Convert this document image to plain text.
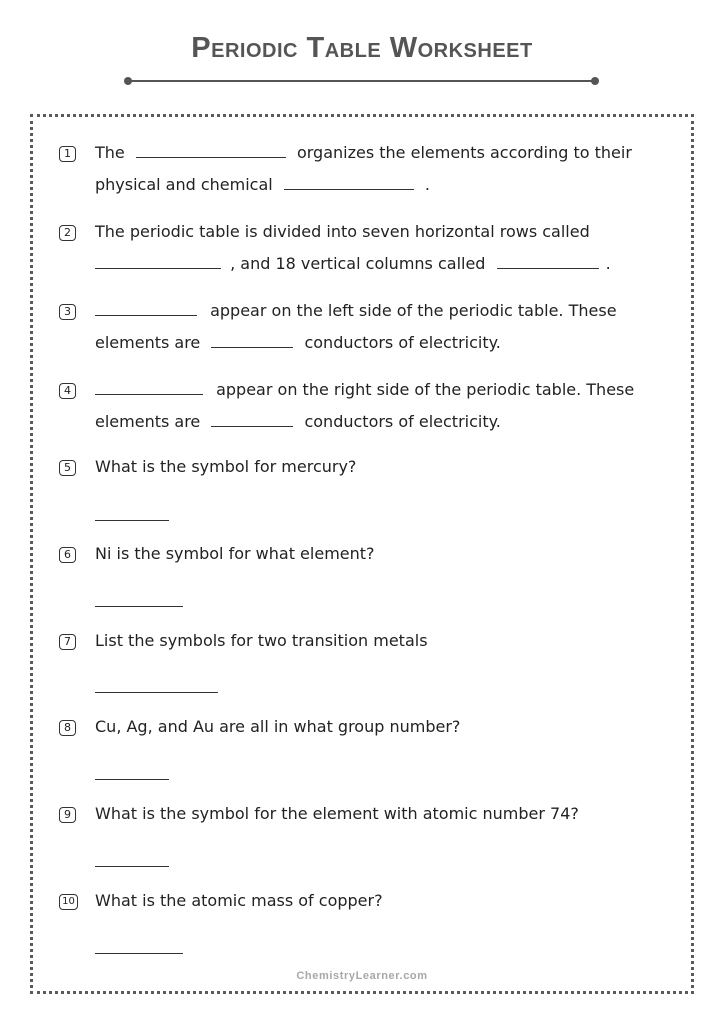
Periodic Table Worksheet
1	The	organizes the elements according to their
physical and chemical	.
2	The periodic table is divided into seven horizontal rows called
, and 18 vertical columns called	.
3	appear on the left side of the periodic table. These
elements are	conductors of electricity.
4	appear on the right side of the periodic table. These
elements are	conductors of electricity.
5	What is the symbol for mercury?
6	Ni is the symbol for what element?
7	List the symbols for two transition metals
8	Cu, Ag, and Au are all in what group number?
9	What is the symbol for the element with atomic number 74?
10 What is the atomic mass of copper?
ChemistryLearner.com
